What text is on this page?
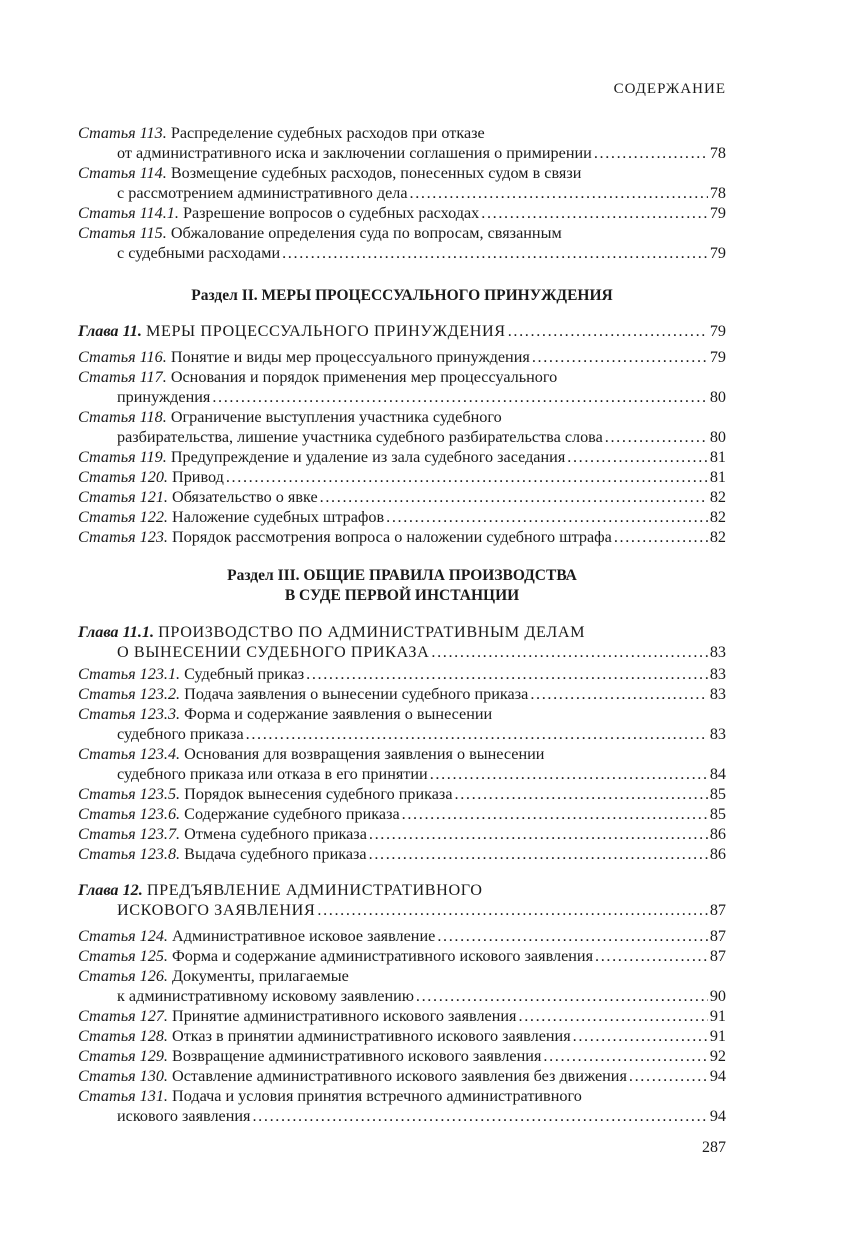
СОДЕРЖАНИЕ
Статья 113. Распределение судебных расходов при отказе
от административного иска и заключении соглашения о примирении . . .	78
Статья 114. Возмещение судебных расходов, понесенных судом в связи
с рассмотрением административного дела . . .	78
Статья 114.1. Разрешение вопросов о судебных расходах . . .	79
Статья 115. Обжалование определения суда по вопросам, связанным
с судебными расходами . . .	79
Раздел II. МЕРЫ ПРОЦЕССУАЛЬНОГО ПРИНУЖДЕНИЯ
Глава 11. МЕРЫ ПРОЦЕССУАЛЬНОГО ПРИНУЖДЕНИЯ . . .	79
Статья 116. Понятие и виды мер процессуального принуждения . . .	79
Статья 117. Основания и порядок применения мер процессуального
принуждения . . .	80
Статья 118. Ограничение выступления участника судебного
разбирательства, лишение участника судебного разбирательства слова . . .	80
Статья 119. Предупреждение и удаление из зала судебного заседания . . .	81
Статья 120. Привод . . .	81
Статья 121. Обязательство о явке . . .	82
Статья 122. Наложение судебных штрафов . . .	82
Статья 123. Порядок рассмотрения вопроса о наложении судебного штрафа . . .	82
Раздел III. ОБЩИЕ ПРАВИЛА ПРОИЗВОДСТВА
В СУДЕ ПЕРВОЙ ИНСТАНЦИИ
Глава 11.1. ПРОИЗВОДСТВО ПО АДМИНИСТРАТИВНЫМ ДЕЛАМ
О ВЫНЕСЕНИИ СУДЕБНОГО ПРИКАЗА . . .	83
Статья 123.1. Судебный приказ . . .	83
Статья 123.2. Подача заявления о вынесении судебного приказа . . .	83
Статья 123.3. Форма и содержание заявления о вынесении
судебного приказа . . .	83
Статья 123.4. Основания для возвращения заявления о вынесении
судебного приказа или отказа в его принятии . . .	84
Статья 123.5. Порядок вынесения судебного приказа . . .	85
Статья 123.6. Содержание судебного приказа . . .	85
Статья 123.7. Отмена судебного приказа . . .	86
Статья 123.8. Выдача судебного приказа . . .	86
Глава 12. ПРЕДЪЯВЛЕНИЕ АДМИНИСТРАТИВНОГО
ИСКОВОГО ЗАЯВЛЕНИЯ . . .	87
Статья 124. Административное исковое заявление . . .	87
Статья 125. Форма и содержание административного искового заявления . . .	87
Статья 126. Документы, прилагаемые
к административному исковому заявлению . . .	90
Статья 127. Принятие административного искового заявления . . .	91
Статья 128. Отказ в принятии административного искового заявления . . .	91
Статья 129. Возвращение административного искового заявления . . .	92
Статья 130. Оставление административного искового заявления без движения . . .	94
Статья 131. Подача и условия принятия встречного административного
искового заявления . . .	94
287
